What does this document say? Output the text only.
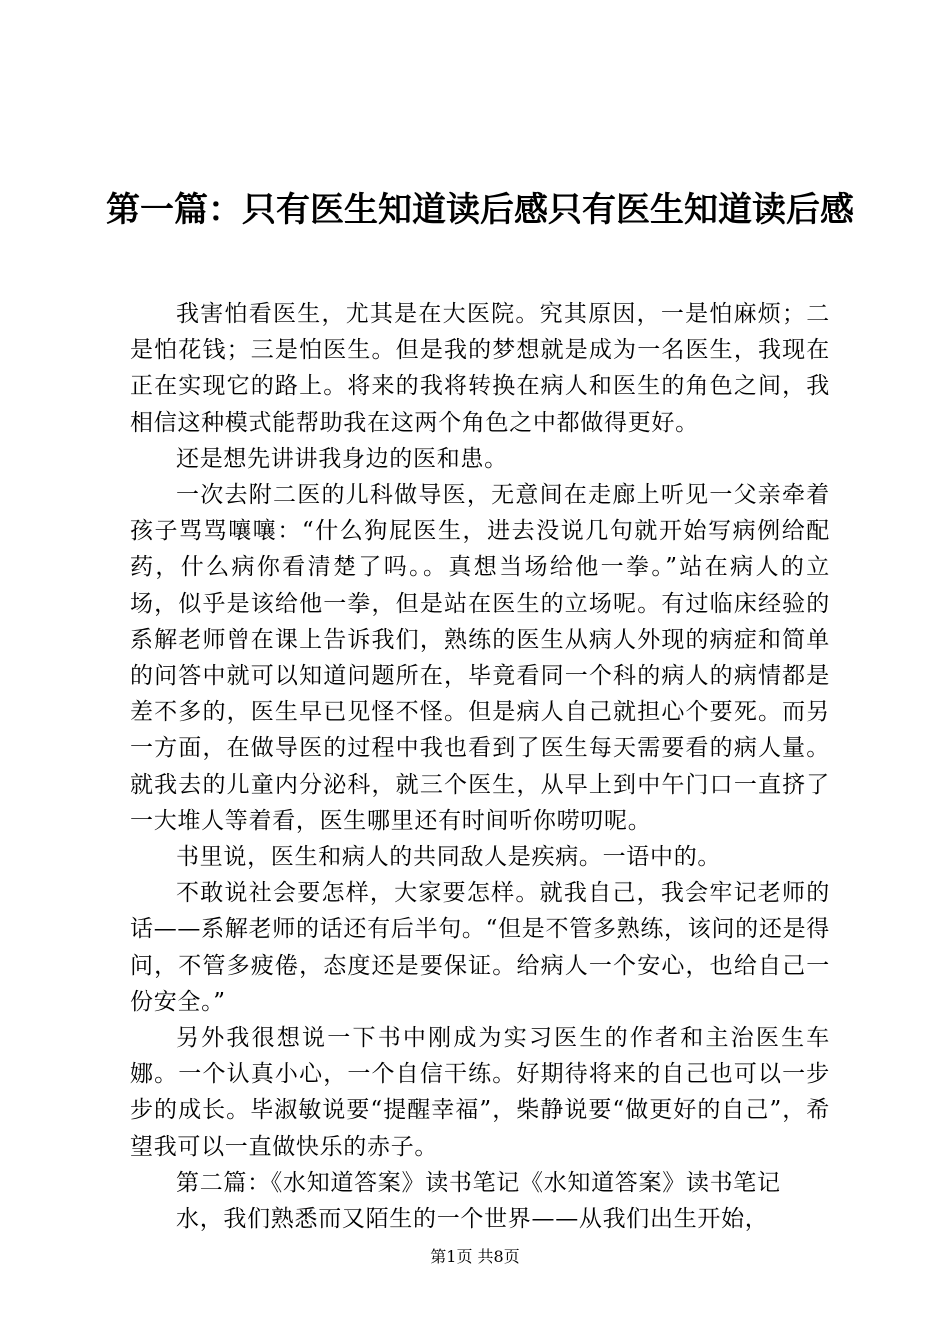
第一篇：只有医生知道读后感只有医生知道读后感

我害怕看医生，尤其是在大医院。究其原因，一是怕麻烦；二是怕花钱；三是怕医生。但是我的梦想就是成为一名医生，我现在正在实现它的路上。将来的我将转换在病人和医生的角色之间，我相信这种模式能帮助我在这两个角色之中都做得更好。

还是想先讲讲我身边的医和患。

一次去附二医的儿科做导医，无意间在走廊上听见一父亲牵着孩子骂骂嚷嚷：“什么狗屁医生，进去没说几句就开始写病例给配药，什么病你看清楚了吗。。真想当场给他一拳。”站在病人的立场，似乎是该给他一拳，但是站在医生的立场呢。有过临床经验的系解老师曾在课上告诉我们，熟练的医生从病人外现的病症和简单的问答中就可以知道问题所在，毕竟看同一个科的病人的病情都是差不多的，医生早已见怪不怪。但是病人自己就担心个要死。而另一方面，在做导医的过程中我也看到了医生每天需要看的病人量。就我去的儿童内分泌科，就三个医生，从早上到中午门口一直挤了一大堆人等着看，医生哪里还有时间听你唠叨呢。

书里说，医生和病人的共同敌人是疾病。一语中的。

不敢说社会要怎样，大家要怎样。就我自己，我会牢记老师的话——系解老师的话还有后半句。“但是不管多熟练，该问的还是得问，不管多疲倦，态度还是要保证。给病人一个安心，也给自己一份安全。”

另外我很想说一下书中刚成为实习医生的作者和主治医生车娜。一个认真小心，一个自信干练。好期待将来的自己也可以一步步的成长。毕淑敏说要“提醒幸福”，柴静说要“做更好的自己”，希望我可以一直做快乐的赤子。

第二篇：《水知道答案》读书笔记《水知道答案》读书笔记

水，我们熟悉而又陌生的一个世界——从我们出生开始，

第1页 共8页
